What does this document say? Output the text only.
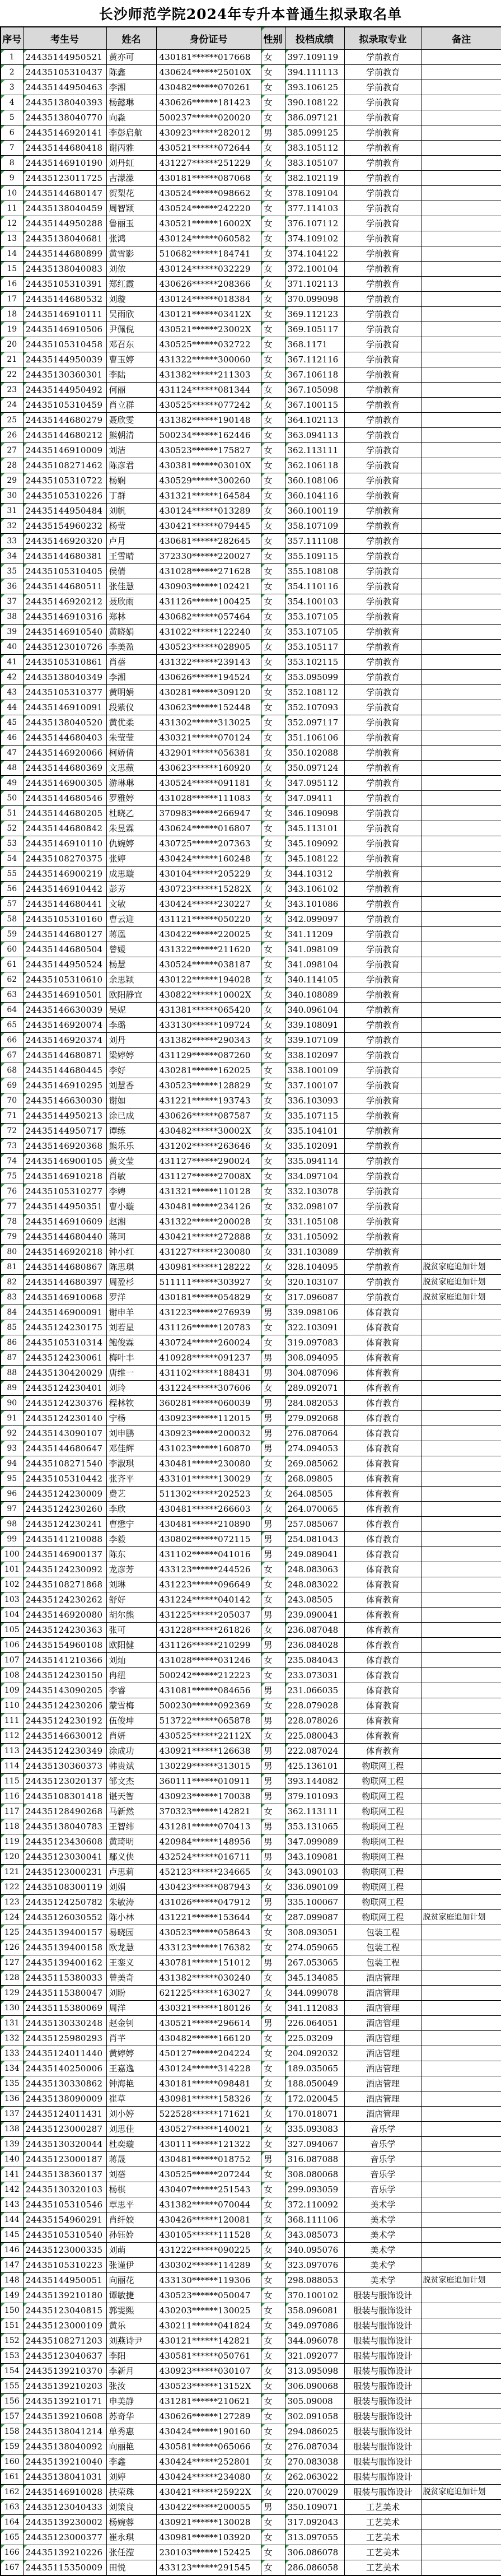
长沙师范学院2024年专升本普通生拟录取名单
序号	考生号	姓名	身份证号	性别	投档成绩	拟录取专业	备注
1	24435144950521	黄亦可	430181******017668	女	397.109119	学前教育	
2	24435105310437	陈鑫	430624******25010X	女	394.111113	学前教育	
3	24435144950463	李湘	430482******070261	女	393.106125	学前教育	
4	24435138040393	杨懿琳	430626******181423	女	390.108122	学前教育	
5	24435138040770	向淼	500237******020020	女	386.097121	学前教育	
6	24435146920141	李彭启航	430923******282012	男	385.099125	学前教育	
7	24435144680418	谢丙雅	430521******072644	女	383.105112	学前教育	
8	24435146910190	刘丹虹	431227******251229	女	383.105107	学前教育	
9	24435123011725	古濛濛	430181******087068	女	382.102119	学前教育	
10	24435144680147	贺梨花	430524******098662	女	378.109104	学前教育	
11	24435138040459	周智颖	430524******242220	女	377.114103	学前教育	
12	24435144950288	鲁丽玉	430521******16002X	女	376.107112	学前教育	
13	24435138040681	张鸿	430124******060582	女	374.109102	学前教育	
14	24435144680899	黄雪影	510682******184741	女	374.104122	学前教育	
15	24435138040083	刘依	430124******032229	女	372.100104	学前教育	
16	24435105310391	郑红霞	430626******208366	女	371.102113	学前教育	
17	24435144680532	刘璇	430124******018384	女	370.099098	学前教育	
18	24435146910111	吴雨欣	430121******03412X	女	369.112123	学前教育	
19	24435146910506	尹佩倪	430521******23002X	女	369.105117	学前教育	
20	24435105310458	邓召东	430525******032722	女	368.1171	学前教育	
21	24435144950039	曹玉婷	431322******300060	女	367.112116	学前教育	
22	24435130360301	李陆	431382******211303	女	367.106118	学前教育	
23	24435144950492	何丽	431124******081344	女	367.105098	学前教育	
24	24435105310459	肖立群	430525******077242	女	367.100115	学前教育	
25	24435144680279	聂欣雯	431382******190148	女	364.102113	学前教育	
26	24435144680212	熊朝清	500234******162446	女	363.094113	学前教育	
27	24435146910009	刘洁	430523******175827	女	362.113111	学前教育	
28	24435108271462	陈彦君	430381******03010X	女	362.106118	学前教育	
29	24435105310722	杨娴	430529******300260	女	360.108106	学前教育	
30	24435105310226	丁群	431321******164584	女	360.104116	学前教育	
31	24435144950484	刘帆	430124******013289	女	360.100119	学前教育	
32	24435154960232	杨莹	430421******079445	女	358.107109	学前教育	
33	24435146920320	卢月	430681******282645	女	357.111108	学前教育	
34	24435144680381	王雪晴	372330******220027	女	355.109115	学前教育	
35	24435105310405	侯倩	431028******271628	女	355.108108	学前教育	
36	24435144680511	张佳慧	430903******102421	女	354.110116	学前教育	
37	24435146920212	聂欣雨	431126******100425	女	354.100103	学前教育	
38	24435146910316	郑林	430682******057464	女	353.107105	学前教育	
39	24435146910540	黄晓娟	431022******122240	女	353.107105	学前教育	
40	24435123010726	李美盈	430523******028905	女	353.105117	学前教育	
41	24435105310861	肖蓓	431322******239143	女	353.102115	学前教育	
42	24435138040349	李湘	430626******194524	女	353.095099	学前教育	
43	24435105310377	黄明娟	430281******309120	女	352.108112	学前教育	
44	24435146910091	段紫仪	430623******152448	女	352.107093	学前教育	
45	24435138040520	黄优柔	431302******313025	女	352.097117	学前教育	
46	24435144680403	朱莹莹	430321******070124	女	351.106106	学前教育	
47	24435146920066	柯娇倩	432901******056381	女	350.102088	学前教育	
48	24435144680369	文思蘋	430623******160920	女	350.097124	学前教育	
49	24435146900305	游琳琳	430524******091181	女	347.095112	学前教育	
50	24435144680546	罗雅婷	431028******111083	女	347.09411	学前教育	
51	24435144680205	杜晓乙	370983******266947	女	346.109098	学前教育	
52	24435144680842	朱昱霖	430624******016807	女	345.113101	学前教育	
53	24435146910110	仇婉婷	430725******207363	女	345.109092	学前教育	
54	24435108270375	张婷	430424******160248	女	345.108122	学前教育	
55	24435146900219	成思璇	430104******205229	女	344.10312	学前教育	
56	24435146910442	彭芳	430723******15282X	女	343.106102	学前教育	
57	24435144680441	文敏	430424******230227	女	343.101086	学前教育	
58	24435105310160	曹云迎	431121******050220	女	342.099097	学前教育	
59	24435144680127	蒋凰	430422******220025	女	341.11209	学前教育	
60	24435144680504	曾媛	431322******211620	女	341.098109	学前教育	
61	24435144950524	杨慧	430524******038187	女	341.098104	学前教育	
62	24435105310610	余思颖	430122******194028	女	340.114105	学前教育	
63	24435146910501	欧阳静宜	430822******10002X	女	340.108089	学前教育	
64	24435146630039	吴妮	431381******065420	女	340.096104	学前教育	
65	24435146920074	李璐	433130******109724	女	339.108091	学前教育	
66	24435146920374	刘丹	431382******290343	女	339.107109	学前教育	
67	24435144680871	梁婷婷	431129******087260	女	338.102097	学前教育	
68	24435144680445	李好	430281******162025	女	338.100109	学前教育	
69	24435146910295	刘慧香	430523******128829	女	337.100107	学前教育	
70	24435146630030	谢如	431221******193743	女	336.103093	学前教育	
71	24435144950213	涂已成	430626******087587	女	335.107115	学前教育	
72	24435144950717	谭练	430482******30002X	女	335.104101	学前教育	
73	24435146920368	熊乐乐	431202******263646	女	335.102091	学前教育	
74	24435146900105	黄文莹	431127******290024	女	335.094114	学前教育	
75	24435146910218	肖敏	431127******27008X	女	334.097104	学前教育	
76	24435105310277	李娉	431321******110128	女	332.103078	学前教育	
77	24435144950351	曹小璇	430481******234126	女	332.098107	学前教育	
78	24435146910609	赵湘	431322******200028	女	331.105108	学前教育	
79	24435144680440	蒋珂	430421******272888	女	331.105092	学前教育	
80	24435146920218	钟小红	431227******230080	女	331.103089	学前教育	
81	24435144680867	陈思琪	430981******128222	女	328.104095	学前教育	脱贫家庭追加计划
82	24435144680397	周盈杉	511111******303927	女	320.103107	学前教育	脱贫家庭追加计划
83	24435146910068	罗洋	430181******054829	女	317.096087	学前教育	脱贫家庭追加计划
84	24435146900091	谢申羊	431223******276939	男	339.098106	体育教育	
85	24435124230175	刘若星	431126******120783	女	322.103091	体育教育	
86	24435105310314	鲍俊霖	430724******260024	女	319.097083	体育教育	
87	24435124230061	梅叶丰	410928******091237	男	308.094095	体育教育	
88	24435130420029	唐维一	431102******188431	男	304.087096	体育教育	
89	24435124230401	刘玲	431224******307606	女	289.092071	体育教育	
90	24435124230376	程林钦	360281******060039	男	284.082053	体育教育	
91	24435124230140	宁杨	430923******112015	男	279.092068	体育教育	
92	24435143090107	刘申鹏	430923******200032	男	276.087064	体育教育	
93	24435144680647	邓佳辉	431023******160870	男	274.094053	体育教育	
94	24435108271540	李淑琪	430481******230080	女	269.085062	体育教育	
95	24435105310442	张齐平	433101******130029	女	268.09805	体育教育	
96	24435124230009	费艺	511302******202523	女	264.08505	体育教育	
97	24435124230260	李欣	430481******266603	女	264.070065	体育教育	
98	24435124230241	曹懋宁	430481******210890	男	257.085067	体育教育	
99	24435141210088	李毅	430802******072115	男	254.081043	体育教育	
100	24435146900137	陈东	431102******041016	男	249.089041	体育教育	
101	24435124230092	龙彦芳	433123******244526	女	248.083063	体育教育	
102	24435108271868	刘琳	431223******096649	女	248.083022	体育教育	
103	24435124230262	舒好	431224******040142	女	243.08505	体育教育	
104	24435146920080	胡尔熊	431225******205037	男	239.090041	体育教育	
105	24435124230363	张可	431228******261826	女	236.087048	体育教育	
106	24435154960108	欧阳健	431126******210299	男	236.084028	体育教育	
107	24435141210366	刘灿	431028******031246	女	235.084043	体育教育	
108	24435124230150	冉纽	500242******212223	女	233.073031	体育教育	
109	24435143090205	李睿	431081******084656	男	231.066035	体育教育	
110	24435124230206	蒙雪梅	500230******092369	女	228.079028	体育教育	
111	24435124230192	伍俊坤	513722******065878	男	228.078026	体育教育	
112	24435146630012	肖妍	430525******22112X	女	225.080043	体育教育	
113	24435124230349	涂成功	430921******126638	男	222.087024	体育教育	
114	24435130360373	韩贵斌	130229******313015	男	425.136101	物联网工程	
115	24435123020137	邹文杰	360111******010911	男	393.144082	物联网工程	
116	24435108301418	谌天智	430923******170038	男	379.101093	物联网工程	
117	24435128490268	马新然	370323******142821	女	362.113111	物联网工程	
118	24435138040783	王智纬	431281******070413	男	353.131065	物联网工程	
119	24435123430608	黄琦明	420984******148956	男	347.099089	物联网工程	
120	24435123030041	鄢义侠	432524******016711	男	343.109081	物联网工程	
121	24435123000231	卢思莉	452123******234665	女	343.090103	物联网工程	
122	24435108300119	刘娟	430423******087943	女	336.090109	物联网工程	
123	24435124250782	朱敏涛	431026******047912	男	335.100067	物联网工程	
124	24435126030552	陈小林	431221******153644	女	287.099087	物联网工程	脱贫家庭追加计划
125	24435139400157	易晓园	430523******058643	女	308.093051	包装工程	
126	24435139400158	欧龙慧	433123******176382	女	274.059065	包装工程	
127	24435139400162	王銮义	430781******151012	男	267.053065	包装工程	
128	24435115380033	曾美奇	431382******030240	女	345.134085	酒店管理	
129	24435115380047	刘盼	621225******163027	女	344.099078	酒店管理	
130	24435115380069	周洋	430321******180126	女	341.112083	酒店管理	
131	24435130330248	赵金钊	430521******296614	男	226.064051	酒店管理	
132	24435125980293	肖芊	430482******166120	女	225.03209	酒店管理	
133	24435124011440	黄婷婷	450127******204224	女	204.092032	酒店管理	
134	24435140250006	王嘉逸	430124******314228	女	189.035065	酒店管理	
135	24435130330862	钟海艳	430181******098481	女	188.050049	酒店管理	
136	24435138090009	崔草	430981******158326	女	172.020045	酒店管理	
137	24435124011431	刘小婷	522528******171621	女	170.018071	酒店管理	
138	24435123000287	刘思佳	430527******140021	女	335.093083	音乐学	
139	24435130320044	杜奕璇	430111******121322	女	327.094067	音乐学	
140	24435123000187	蒋晟	430481******018752	男	316.087088	音乐学	
141	24435138360137	刘蓓	430525******207244	女	308.080068	音乐学	
142	24435130320103	杨棋	430407******251543	女	299.093059	音乐学	
143	24435105310546	覃思平	431382******070044	女	372.110092	美术学	
144	24435154960291	肖纤姣	430426******120081	女	368.111106	美术学	
145	24435105310540	孙钰姈	430105******111528	女	343.085073	美术学	
146	24435123000335	刘萌	431222******090225	女	340.095076	美术学	
147	24435105310223	张谨伊	430302******114289	女	323.097076	美术学	
148	24435144950051	向丽花	433130******119306	女	298.088053	美术学	脱贫家庭追加计划
149	24435139210180	谭敏捷	430523******050047	女	370.100102	服装与服饰设计	
150	24435123040815	郭雯熙	430203******130025	女	358.096081	服装与服饰设计	
151	24435123000109	黄乐	430211******041824	女	349.097086	服装与服饰设计	
152	24435108271203	刘燕诗尹	430121******142821	女	344.096078	服装与服饰设计	
153	24435123040637	李阳	430581******050761	女	321.092077	服装与服饰设计	
154	24435139210370	李新月	430923******030107	女	313.095098	服装与服饰设计	
155	24435139210203	张汝	430523******13152X	女	306.090068	服装与服饰设计	
156	24435139210171	申美静	431281******210621	女	305.09008	服装与服饰设计	
157	24435139210608	苏奇华	430626******127289	女	302.091058	服装与服饰设计	
158	24435138041214	单秀惠	430424******190160	女	294.086025	服装与服饰设计	
159	24435138040092	向丽艳	430581******065066	女	276.087034	服装与服饰设计	
160	24435139210040	李鑫	430424******252801	女	270.083038	服装与服饰设计	
161	24435138041031	刘婷	430424******234080	女	262.063022	服装与服饰设计	
162	24435146910028	扶荣珠	430421******25922X	女	220.070029	服装与服饰设计	脱贫家庭追加计划
163	24435123040433	刘策良	430422******200055	男	350.109071	工艺美术	
164	24435139230002	杨婉蓉	430921******130028	女	317.092043	工艺美术	
165	24435123000377	崔永琪	430981******103920	女	313.097055	工艺美术	
166	24435139210226	张任滢	230103******152425	女	306.086078	工艺美术	
167	24435115350009	田悦	433123******291545	女	286.086058	工艺美术	
